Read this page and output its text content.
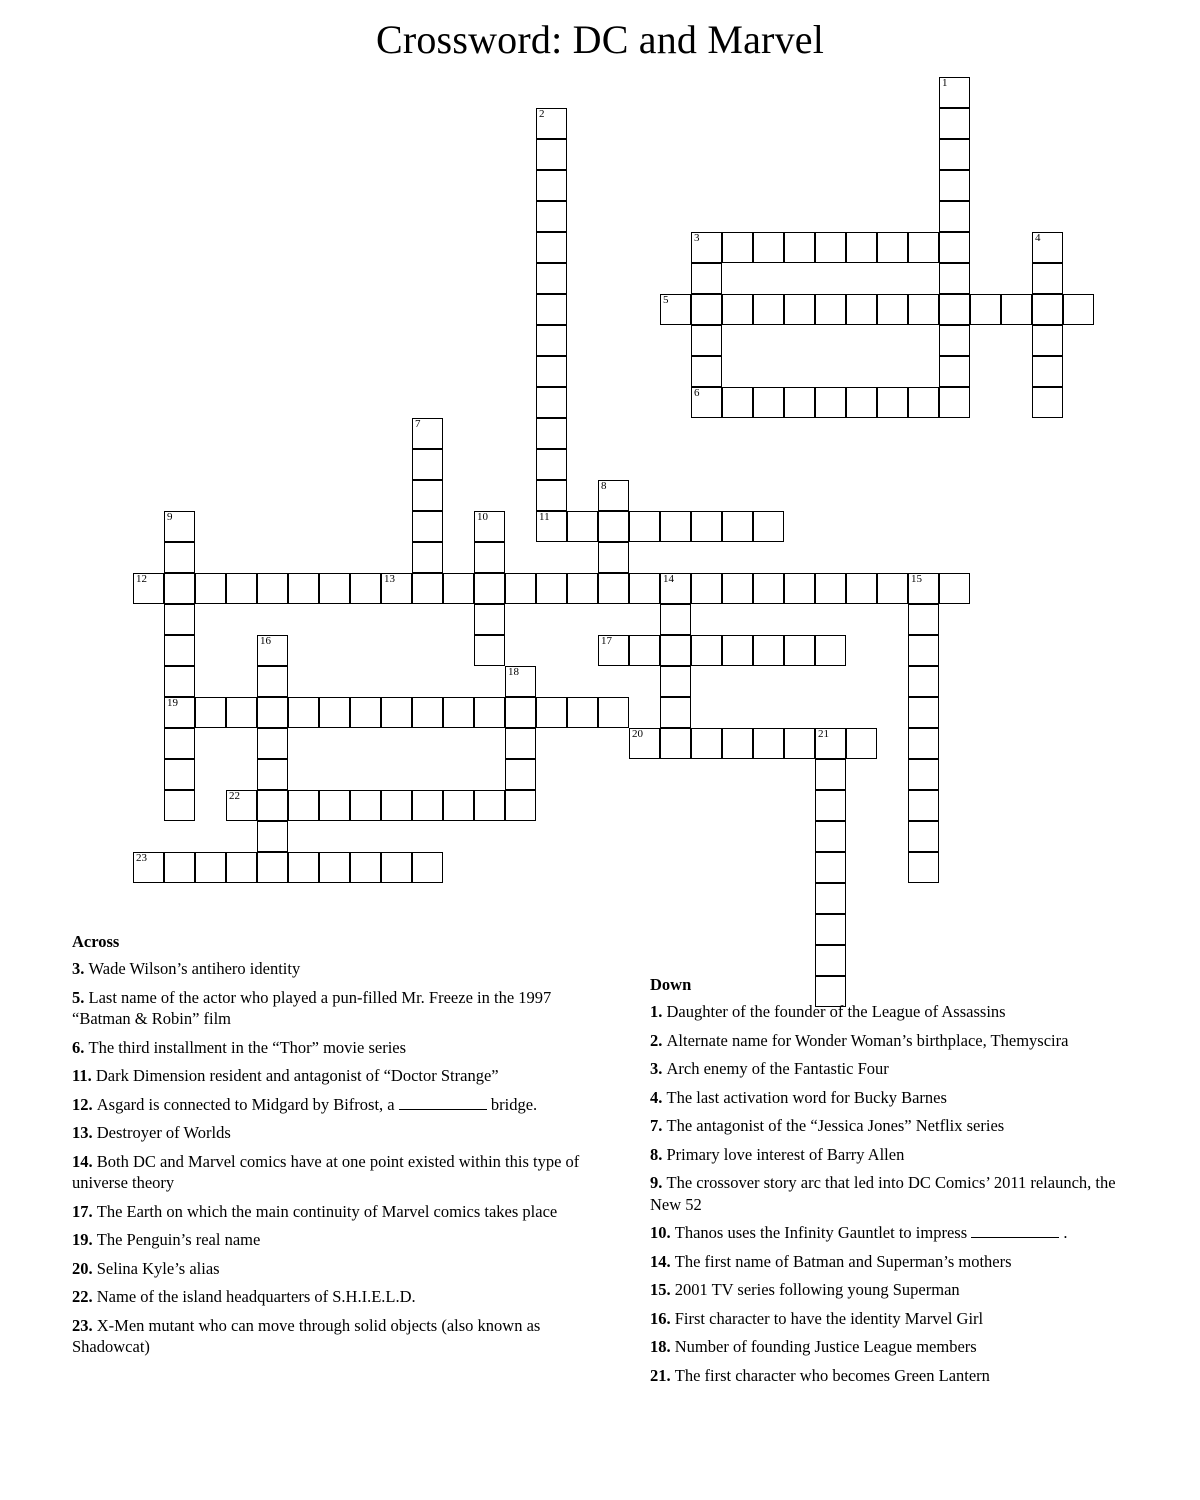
Crossword: DC and Marvel
1
2
3
6
4
5
7
8
9
19
10	11
12	13	14	15
16	17
18
20	21
22
23
Across
3. Wade Wilson’s antihero identity
5. Last name of the actor who played a pun-filled Mr. Freeze in the 1997 “Batman & Robin” film
6. The third installment in the “Thor” movie series
11. Dark Dimension resident and antagonist of “Doctor Strange”
12. Asgard is connected to Midgard by Bifrost, a	bridge.
13. Destroyer of Worlds
14. Both DC and Marvel comics have at one point existed within this type of universe theory
17. The Earth on which the main continuity of Marvel comics takes place
19. The Penguin’s real name
20. Selina Kyle’s alias
22. Name of the island headquarters of S.H.I.E.L.D.
23. X-Men mutant who can move through solid objects (also known as Shadowcat)
Down
1. Daughter of the founder of the League of Assassins
2. Alternate name for Wonder Woman’s birthplace, Themyscira
3. Arch enemy of the Fantastic Four
4. The last activation word for Bucky Barnes
7. The antagonist of the “Jessica Jones” Netflix series
8. Primary love interest of Barry Allen
9. The crossover story arc that led into DC Comics’ 2011 relaunch, the New 52
10. Thanos uses the Infinity Gauntlet to impress	.
14. The first name of Batman and Superman’s mothers
15. 2001 TV series following young Superman
16. First character to have the identity Marvel Girl
18. Number of founding Justice League members
21. The first character who becomes Green Lantern
